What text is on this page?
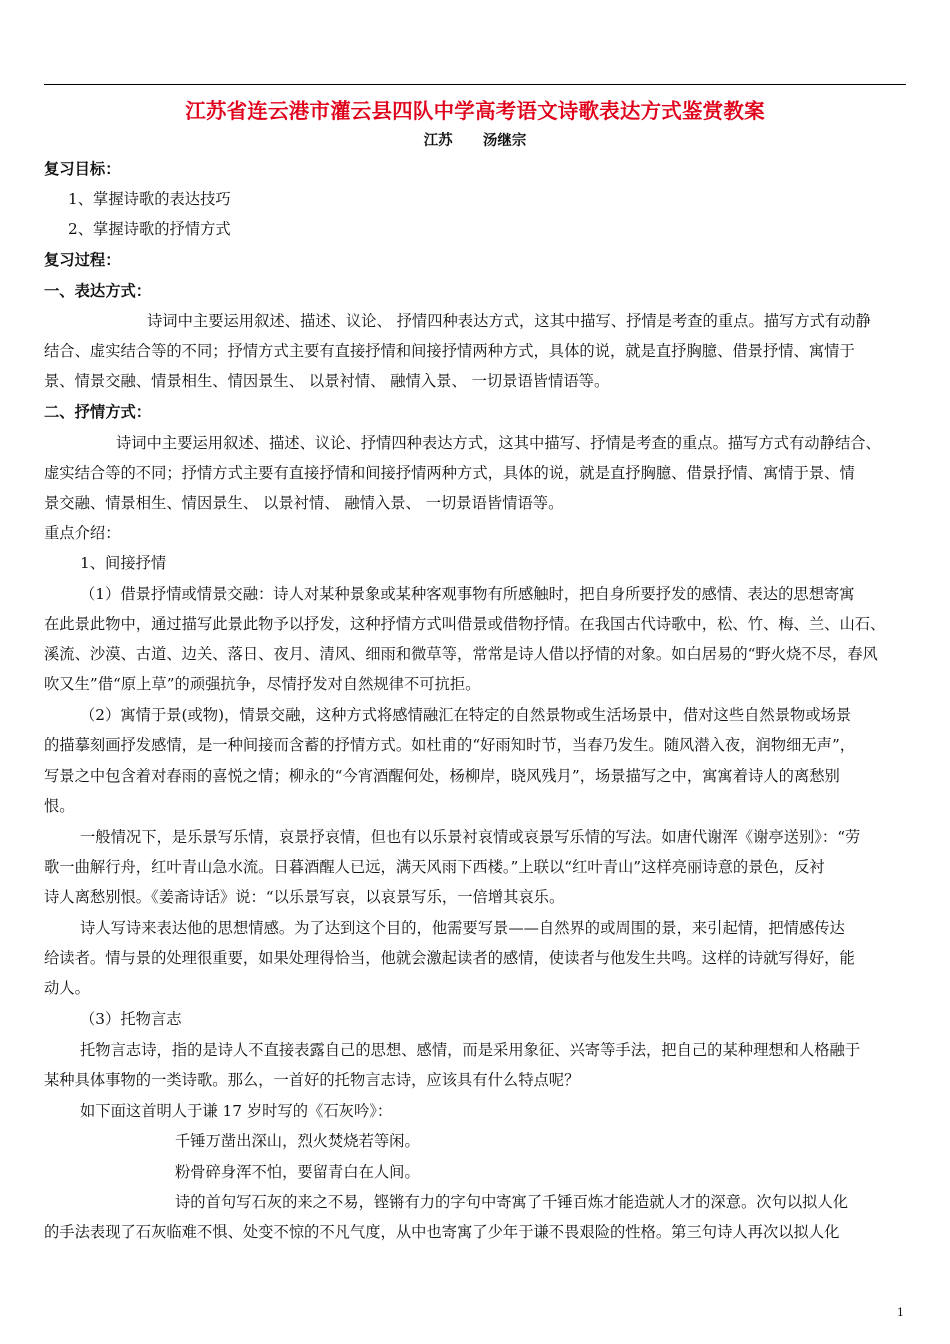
江苏省连云港市灌云县四队中学高考语文诗歌表达方式鉴赏教案
江苏      汤继宗
复习目标：
1、掌握诗歌的表达技巧
2、掌握诗歌的抒情方式
复习过程：
一、表达方式：
诗词中主要运用叙述、描述、议论、 抒情四种表达方式，这其中描写、抒情是考查的重点。描写方式有动静
结合、虚实结合等的不同；抒情方式主要有直接抒情和间接抒情两种方式，具体的说，就是直抒胸臆、借景抒情、寓情于
景、情景交融、情景相生、情因景生、 以景衬情、 融情入景、 一切景语皆情语等。
二、抒情方式：
诗词中主要运用叙述、描述、议论、抒情四种表达方式，这其中描写、抒情是考查的重点。描写方式有动静结合、
虚实结合等的不同；抒情方式主要有直接抒情和间接抒情两种方式，具体的说，就是直抒胸臆、借景抒情、寓情于景、情
景交融、情景相生、情因景生、 以景衬情、 融情入景、 一切景语皆情语等。
重点介绍：
1、间接抒情
（1）借景抒情或情景交融：诗人对某种景象或某种客观事物有所感触时，把自身所要抒发的感情、表达的思想寄寓
在此景此物中，通过描写此景此物予以抒发，这种抒情方式叫借景或借物抒情。在我国古代诗歌中，松、竹、梅、兰、山石、
溪流、沙漠、古道、边关、落日、夜月、清风、细雨和微草等，常常是诗人借以抒情的对象。如白居易的“野火烧不尽，春风
吹又生”借“原上草”的顽强抗争，尽情抒发对自然规律不可抗拒。
（2）寓情于景(或物)，情景交融，这种方式将感情融汇在特定的自然景物或生活场景中，借对这些自然景物或场景
的描摹刻画抒发感情，是一种间接而含蓄的抒情方式。如杜甫的“好雨知时节，当春乃发生。随风潜入夜，润物细无声”，
写景之中包含着对春雨的喜悦之情；柳永的“今宵酒醒何处，杨柳岸，晓风残月”，场景描写之中，寓寓着诗人的离愁别
恨。
一般情况下，是乐景写乐情，哀景抒哀情，但也有以乐景衬哀情或哀景写乐情的写法。如唐代谢浑《谢亭送别》：“劳
歌一曲解行舟，红叶青山急水流。日暮酒醒人已远，满天风雨下西楼。”上联以“红叶青山”这样亮丽诗意的景色，反衬
诗人离愁别恨。《姜斋诗话》说：“以乐景写哀，以哀景写乐，一倍增其哀乐。
诗人写诗来表达他的思想情感。为了达到这个目的，他需要写景——自然界的或周围的景，来引起情，把情感传达
给读者。情与景的处理很重要，如果处理得恰当，他就会激起读者的感情，使读者与他发生共鸣。这样的诗就写得好，能
动人。
（3）托物言志
托物言志诗，指的是诗人不直接表露自己的思想、感情，而是采用象征、兴寄等手法，把自己的某种理想和人格融于
某种具体事物的一类诗歌。那么，一首好的托物言志诗，应该具有什么特点呢？
如下面这首明人于谦 17 岁时写的《石灰吟》：
千锤万凿出深山，烈火焚烧若等闲。
粉骨碎身浑不怕，要留青白在人间。
诗的首句写石灰的来之不易，铿锵有力的字句中寄寓了千锤百炼才能造就人才的深意。次句以拟人化
的手法表现了石灰临难不惧、处变不惊的不凡气度，从中也寄寓了少年于谦不畏艰险的性格。第三句诗人再次以拟人化
1
